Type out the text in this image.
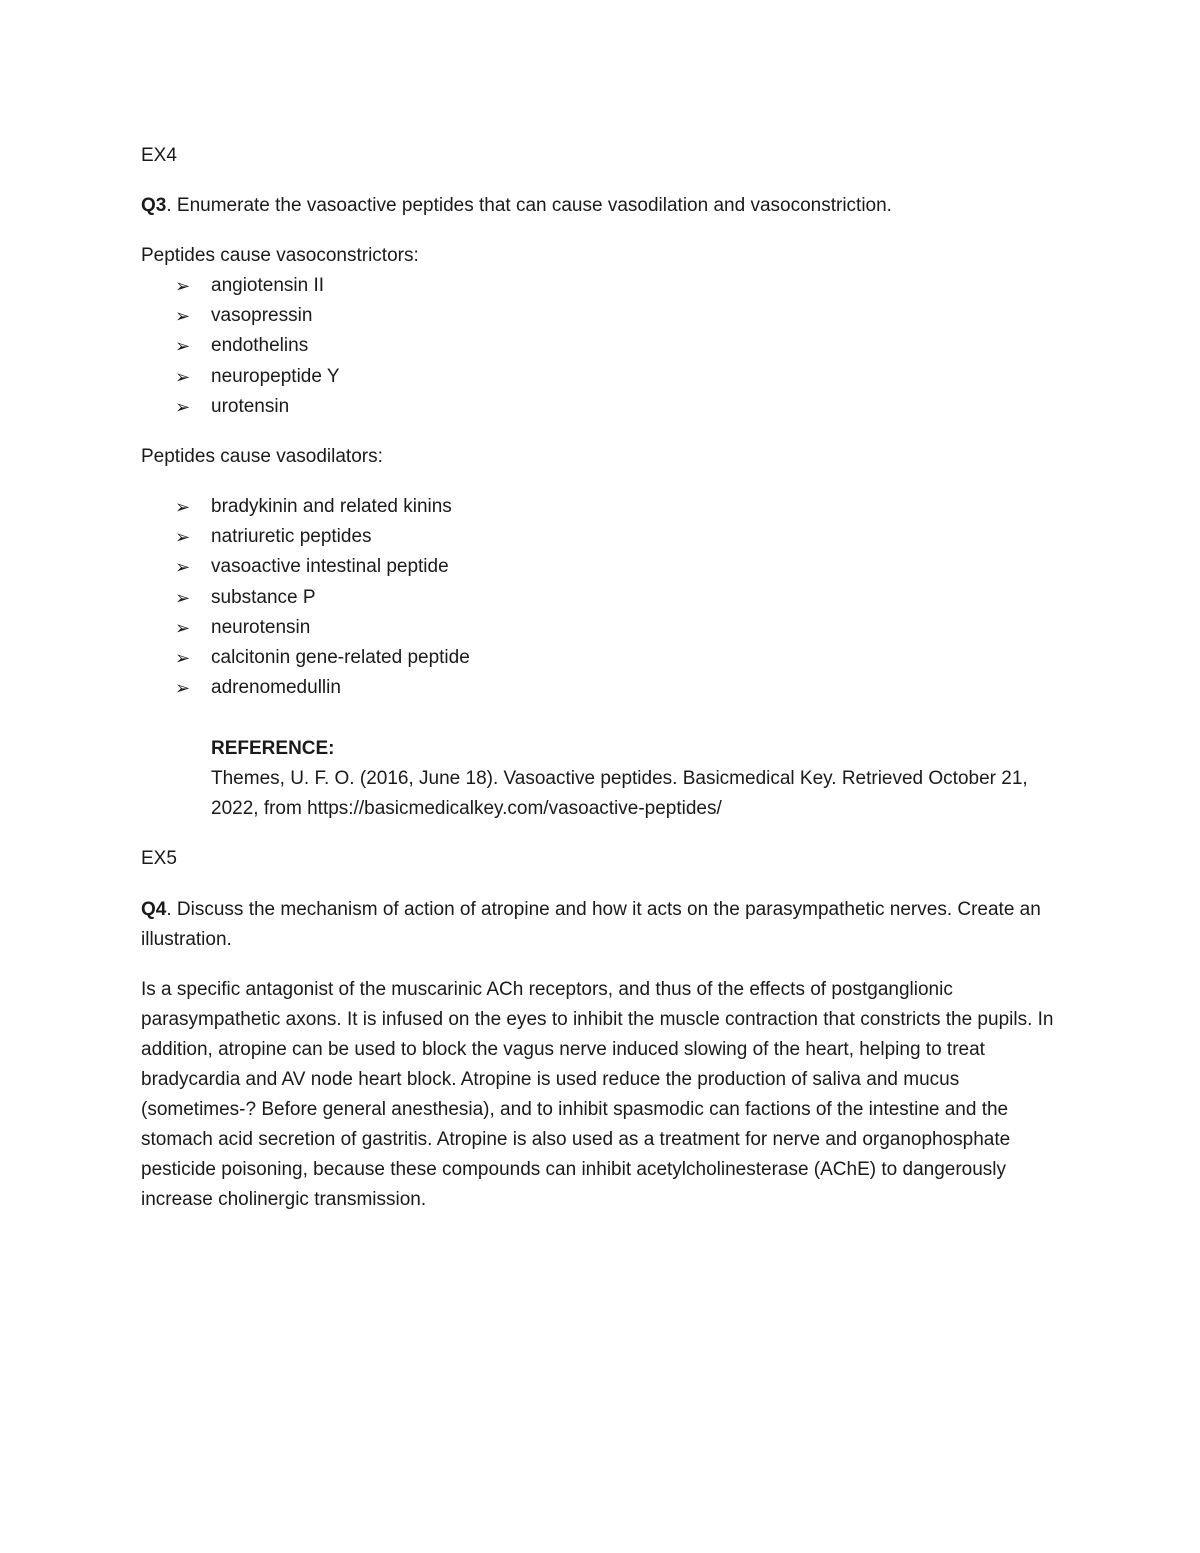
EX4

Q3. Enumerate the vasoactive peptides that can cause vasodilation and vasoconstriction.

Peptides cause vasoconstrictors:

➢ angiotensin II
➢ vasopressin
➢ endothelins
➢ neuropeptide Y
➢ urotensin

Peptides cause vasodilators:

➢ bradykinin and related kinins
➢ natriuretic peptides
➢ vasoactive intestinal peptide
➢ substance P
➢ neurotensin
➢ calcitonin gene-related peptide
➢ adrenomedullin
REFERENCE:
Themes, U. F. O. (2016, June 18). Vasoactive peptides. Basicmedical Key. Retrieved October 21, 2022, from https://basicmedicalkey.com/vasoactive-peptides/

EX5

Q4. Discuss the mechanism of action of atropine and how it acts on the parasympathetic nerves. Create an illustration.

Is a specific antagonist of the muscarinic ACh receptors, and thus of the effects of postganglionic parasympathetic axons. It is infused on the eyes to inhibit the muscle contraction that constricts the pupils. In addition, atropine can be used to block the vagus nerve induced slowing of the heart, helping to treat bradycardia and AV node heart block. Atropine is used reduce the production of saliva and mucus (sometimes-? Before general anesthesia), and to inhibit spasmodic can factions of the intestine and the stomach acid secretion of gastritis. Atropine is also used as a treatment for nerve and organophosphate pesticide poisoning, because these compounds can inhibit acetylcholinesterase (AChE) to dangerously increase cholinergic transmission.
